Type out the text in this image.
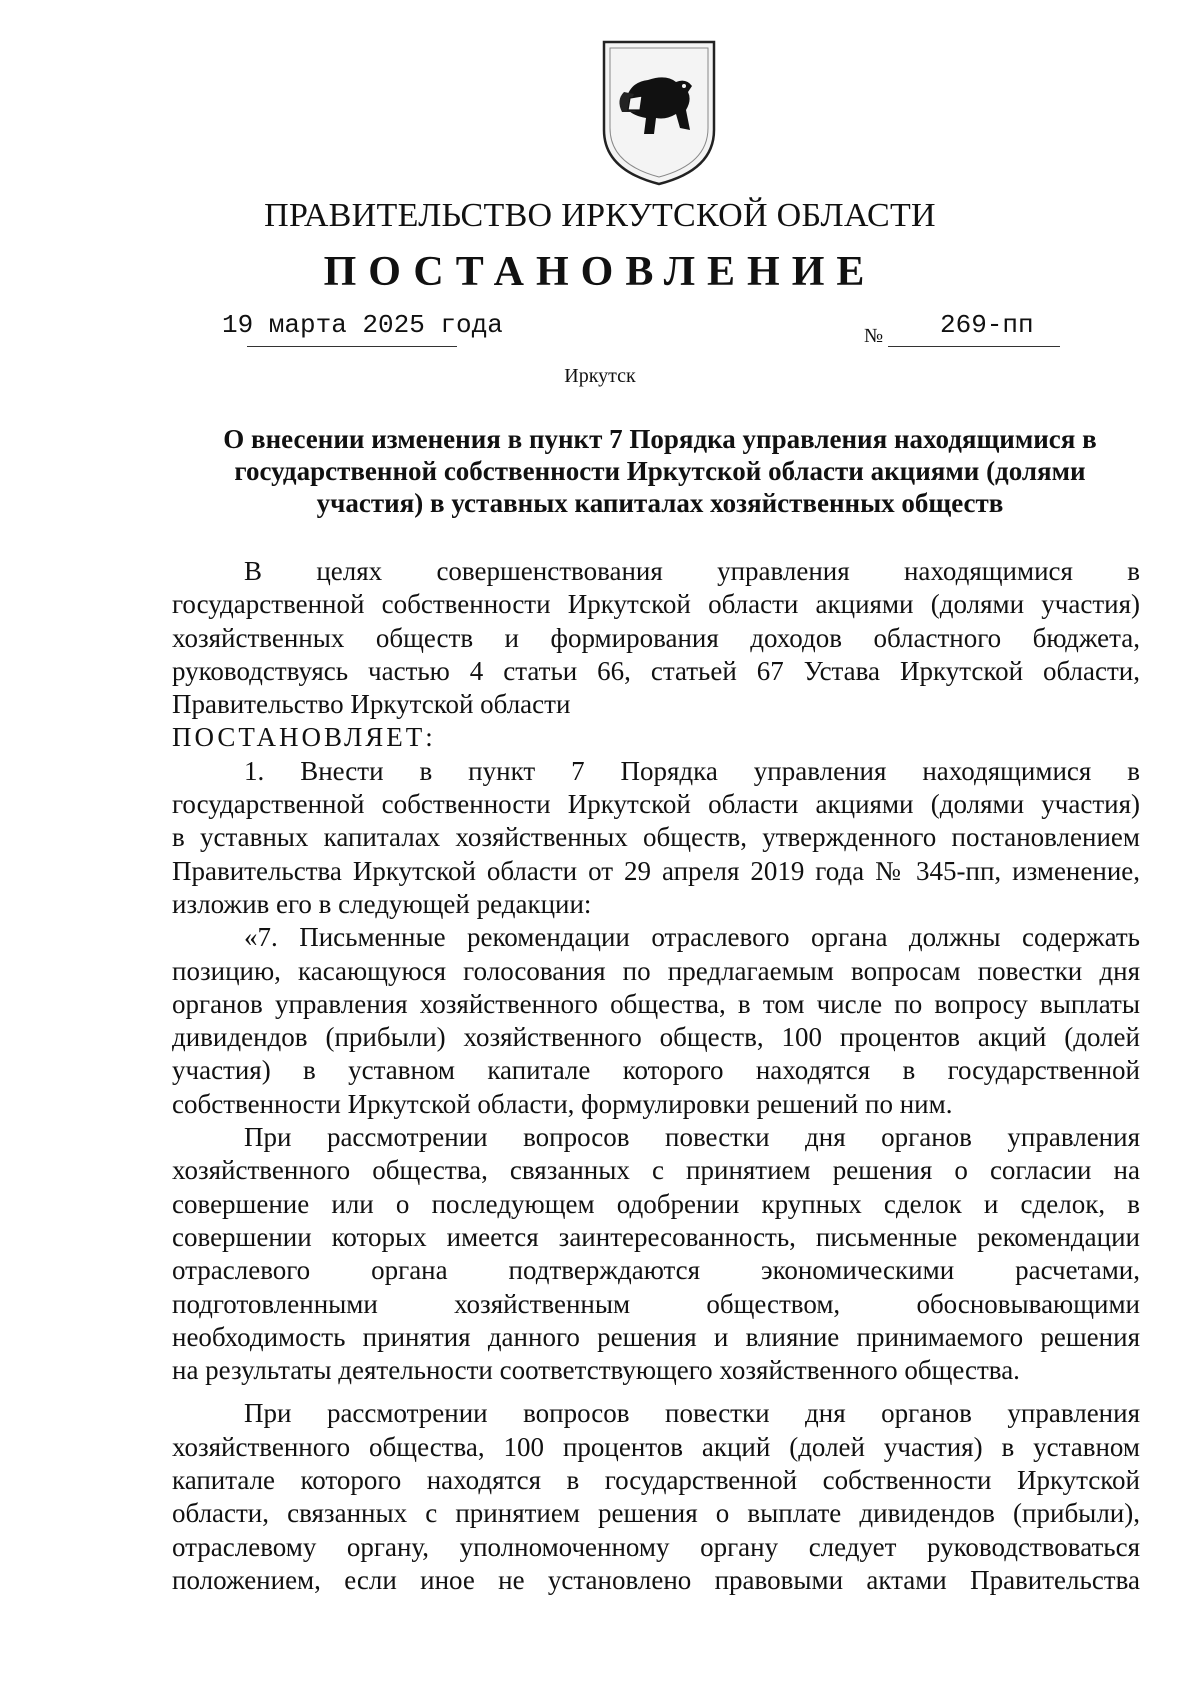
ПРАВИТЕЛЬСТВО ИРКУТСКОЙ ОБЛАСТИ
ПОСТАНОВЛЕНИЕ
19 марта 2025 года	№ 269-пп
Иркутск
О внесении изменения в пункт 7 Порядка управления находящимися в
государственной собственности Иркутской области акциями (долями
участия) в уставных капиталах хозяйственных обществ
В целях совершенствования управления находящимися в
государственной собственности Иркутской области акциями (долями участия)
хозяйственных обществ и формирования доходов областного бюджета,
руководствуясь частью 4 статьи 66, статьей 67 Устава Иркутской области,
Правительство Иркутской области
ПОСТАНОВЛЯЕТ:
1. Внести в пункт 7 Порядка управления находящимися в
государственной собственности Иркутской области акциями (долями участия)
в уставных капиталах хозяйственных обществ, утвержденного постановлением
Правительства Иркутской области от 29 апреля 2019 года № 345-пп, изменение,
изложив его в следующей редакции:
«7. Письменные рекомендации отраслевого органа должны содержать
позицию, касающуюся голосования по предлагаемым вопросам повестки дня
органов управления хозяйственного общества, в том числе по вопросу выплаты
дивидендов (прибыли) хозяйственного обществ, 100 процентов акций (долей
участия) в уставном капитале которого находятся в государственной
собственности Иркутской области, формулировки решений по ним.
При рассмотрении вопросов повестки дня органов управления
хозяйственного общества, связанных с принятием решения о согласии на
совершение или о последующем одобрении крупных сделок и сделок, в
совершении которых имеется заинтересованность, письменные рекомендации
отраслевого органа подтверждаются экономическими расчетами,
подготовленными хозяйственным обществом, обосновывающими
необходимость принятия данного решения и влияние принимаемого решения
на результаты деятельности соответствующего хозяйственного общества.
При рассмотрении вопросов повестки дня органов управления
хозяйственного общества, 100 процентов акций (долей участия) в уставном
капитале которого находятся в государственной собственности Иркутской
области, связанных с принятием решения о выплате дивидендов (прибыли),
отраслевому органу, уполномоченному органу следует руководствоваться
положением, если иное не установлено правовыми актами Правительства
